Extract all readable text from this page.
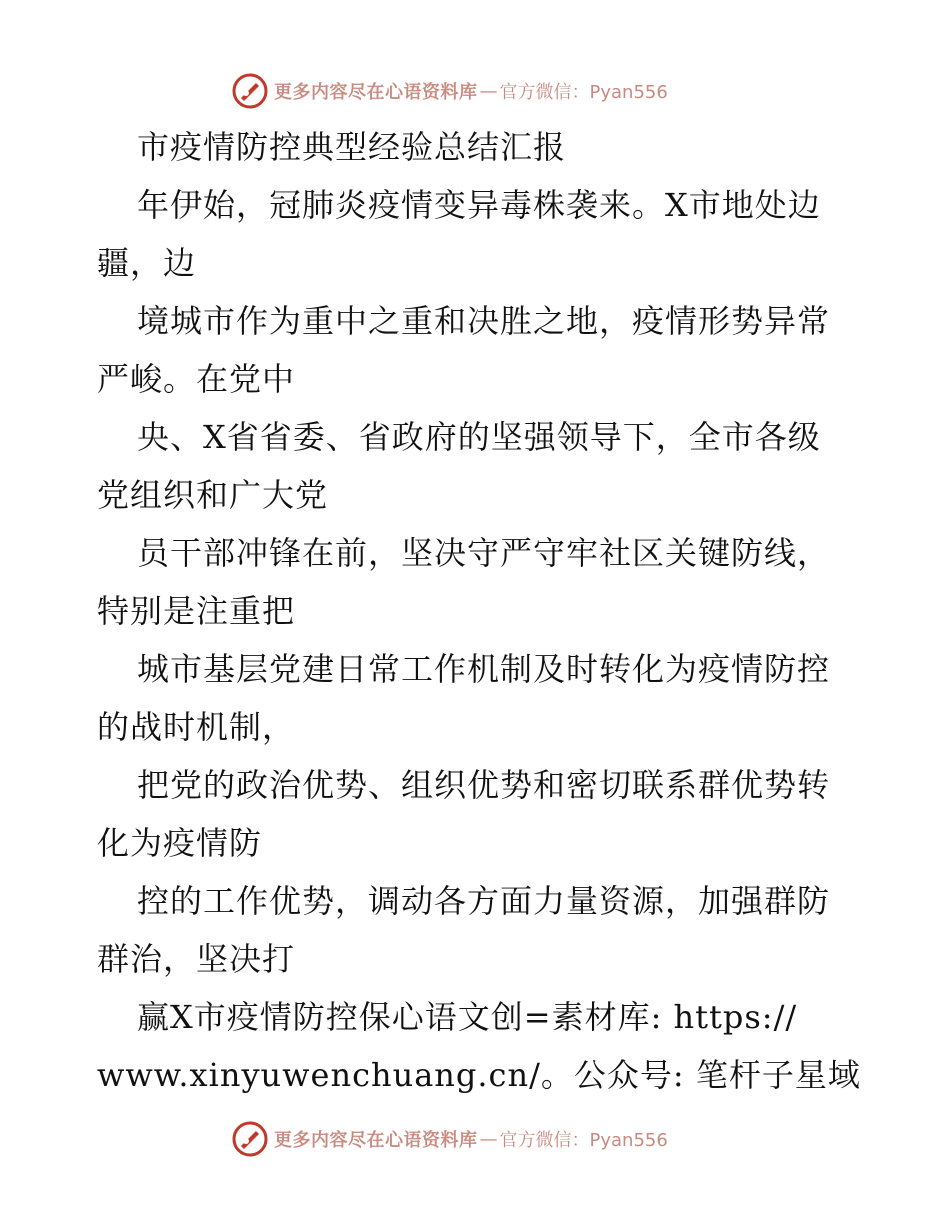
更多内容尽在心语资料库 — 官方微信：Pyan556
市疫情防控典型经验总结汇报
年伊始，冠肺炎疫情变异毒株袭来。X市地处边
疆，边
境城市作为重中之重和决胜之地，疫情形势异常
严峻。在党中
央、X省省委、省政府的坚强领导下，全市各级
党组织和广大党
员干部冲锋在前，坚决守严守牢社区关键防线，
特别是注重把
城市基层党建日常工作机制及时转化为疫情防控
的战时机制，
把党的政治优势、组织优势和密切联系群优势转
化为疫情防
控的工作优势，调动各方面力量资源，加强群防
群治，坚决打
赢X市疫情防控保心语文创=素材库: https://
www.xinyuwenchuang.cn/。公众号: 笔杆子星域
更多内容尽在心语资料库 — 官方微信：Pyan556
